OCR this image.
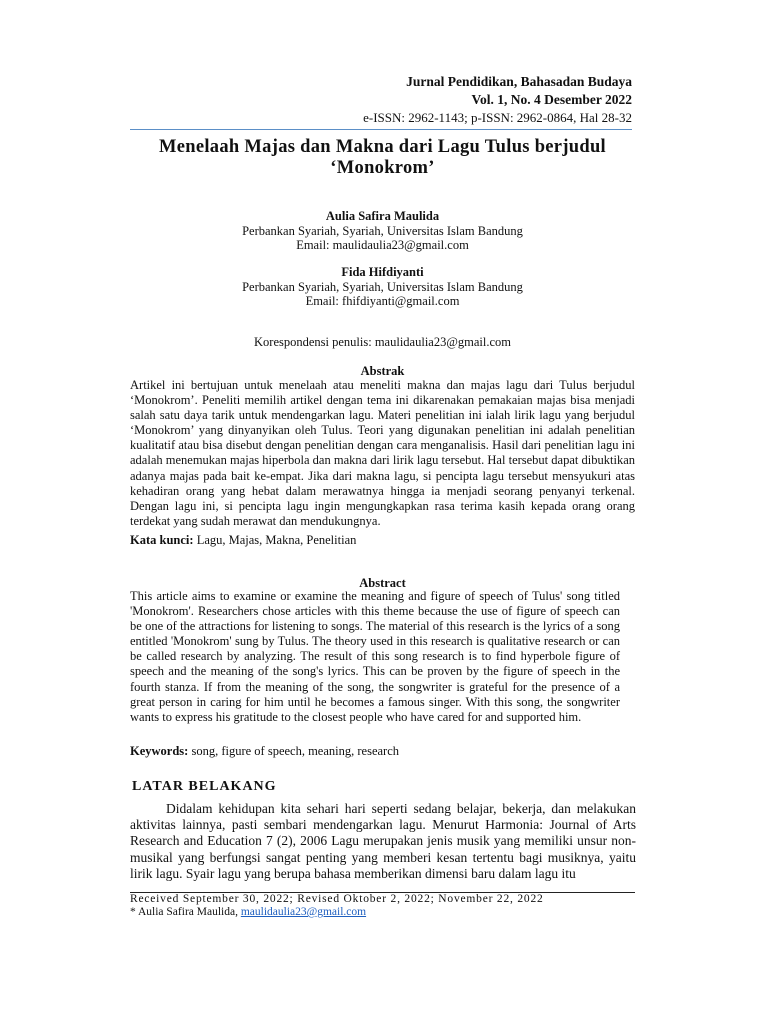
Jurnal Pendidikan, Bahasadan Budaya
Vol. 1, No. 4 Desember 2022
e-ISSN: 2962-1143; p-ISSN: 2962-0864, Hal 28-32
Menelaah Majas dan Makna dari Lagu Tulus berjudul
‘Monokrom’
Aulia Safira Maulida
Perbankan Syariah, Syariah, Universitas Islam Bandung
Email: maulidaulia23@gmail.com
Fida Hifdiyanti
Perbankan Syariah, Syariah, Universitas Islam Bandung
Email: fhifdiyanti@gmail.com
Korespondensi penulis: maulidaulia23@gmail.com
Abstrak
Artikel ini bertujuan untuk menelaah atau meneliti makna dan majas lagu dari Tulus berjudul ‘Monokrom’. Peneliti memilih artikel dengan tema ini dikarenakan pemakaian majas bisa menjadi salah satu daya tarik untuk mendengarkan lagu. Materi penelitian ini ialah lirik lagu yang berjudul ‘Monokrom’ yang dinyanyikan oleh Tulus. Teori yang digunakan penelitian ini adalah penelitian kualitatif atau bisa disebut dengan penelitian dengan cara menganalisis. Hasil dari penelitian lagu ini adalah menemukan majas hiperbola dan makna dari lirik lagu tersebut. Hal tersebut dapat dibuktikan adanya majas pada bait ke-empat. Jika dari makna lagu, si pencipta lagu tersebut mensyukuri atas kehadiran orang yang hebat dalam merawatnya hingga ia menjadi seorang penyanyi terkenal. Dengan lagu ini, si pencipta lagu ingin mengungkapkan rasa terima kasih kepada orang orang terdekat yang sudah merawat dan mendukungnya.
Kata kunci: Lagu, Majas, Makna, Penelitian
Abstract
This article aims to examine or examine the meaning and figure of speech of Tulus' song titled 'Monokrom'. Researchers chose articles with this theme because the use of figure of speech can be one of the attractions for listening to songs. The material of this research is the lyrics of a song entitled 'Monokrom' sung by Tulus. The theory used in this research is qualitative research or can be called research by analyzing. The result of this song research is to find hyperbole figure of speech and the meaning of the song's lyrics. This can be proven by the figure of speech in the fourth stanza. If from the meaning of the song, the songwriter is grateful for the presence of a great person in caring for him until he becomes a famous singer. With this song, the songwriter wants to express his gratitude to the closest people who have cared for and supported him.
Keywords: song, figure of speech, meaning, research
LATAR BELAKANG
Didalam kehidupan kita sehari hari seperti sedang belajar, bekerja, dan melakukan aktivitas lainnya, pasti sembari mendengarkan lagu. Menurut Harmonia: Journal of Arts Research and Education 7 (2), 2006 Lagu merupakan jenis musik yang memiliki unsur non-musikal yang berfungsi sangat penting yang memberi kesan tertentu bagi musiknya, yaitu lirik lagu. Syair lagu yang berupa bahasa memberikan dimensi baru dalam lagu itu
Received September 30, 2022; Revised Oktober 2, 2022; November 22, 2022
* Aulia Safira Maulida, maulidaulia23@gmail.com
